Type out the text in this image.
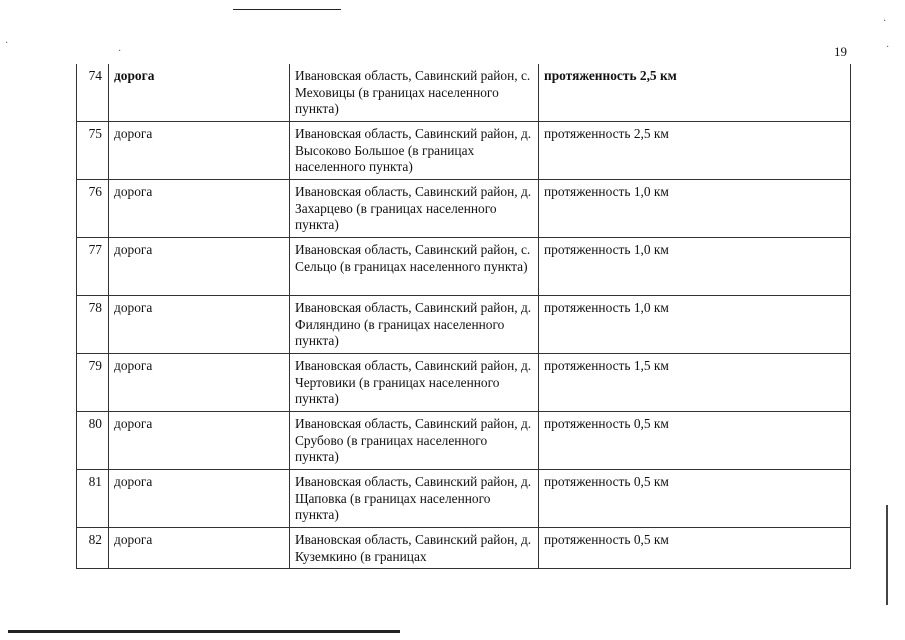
·
·
·
·
19
74	дорога	Ивановская область, Савинский район, с. Меховицы (в границах населенного пункта)	протяженность 2,5 км
75	дорога	Ивановская область, Савинский район, д. Высоково Большое (в границах населенного пункта)	протяженность 2,5 км
76	дорога	Ивановская область, Савинский район, д. Захарцево (в границах населенного пункта)	протяженность 1,0 км
77	дорога	Ивановская область, Савинский район, с. Сельцо (в границах населенного пункта)	протяженность 1,0 км
78	дорога	Ивановская область, Савинский район, д. Филяндино (в границах населенного пункта)	протяженность 1,0 км
79	дорога	Ивановская область, Савинский район, д. Чертовики (в границах населенного пункта)	протяженность 1,5 км
80	дорога	Ивановская область, Савинский район, д. Срубово (в границах населенного пункта)	протяженность 0,5 км
81	дорога	Ивановская область, Савинский район, д. Щаповка (в границах населенного пункта)	протяженность 0,5 км
82	дорога	Ивановская область, Савинский район, д. Куземкино (в границах	протяженность 0,5 км
